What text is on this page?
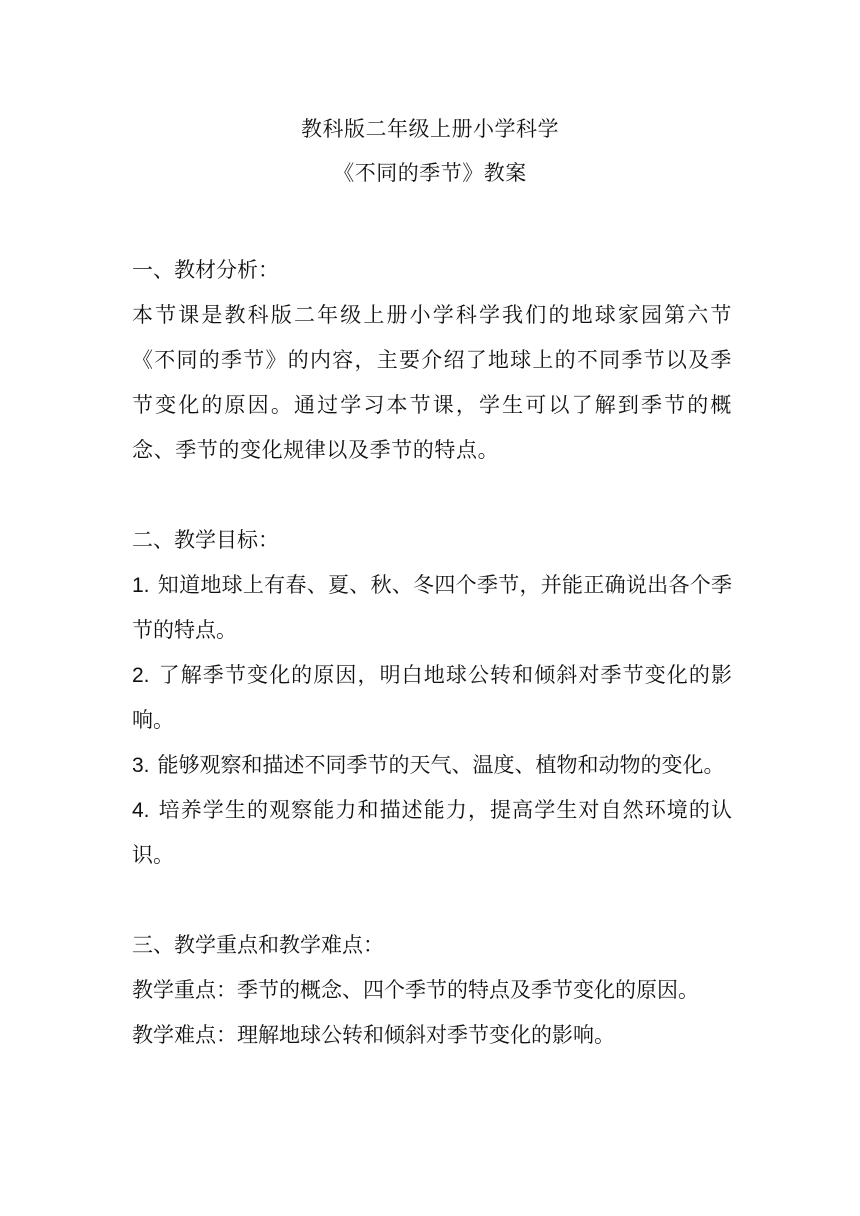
教科版二年级上册小学科学
《不同的季节》教案

一、教材分析：

本节课是教科版二年级上册小学科学我们的地球家园第六节《不同的季节》的内容，主要介绍了地球上的不同季节以及季节变化的原因。通过学习本节课，学生可以了解到季节的概念、季节的变化规律以及季节的特点。

二、教学目标：

1. 知道地球上有春、夏、秋、冬四个季节，并能正确说出各个季节的特点。

2. 了解季节变化的原因，明白地球公转和倾斜对季节变化的影响。

3. 能够观察和描述不同季节的天气、温度、植物和动物的变化。

4. 培养学生的观察能力和描述能力，提高学生对自然环境的认识。

三、教学重点和教学难点：

教学重点：季节的概念、四个季节的特点及季节变化的原因。

教学难点：理解地球公转和倾斜对季节变化的影响。
